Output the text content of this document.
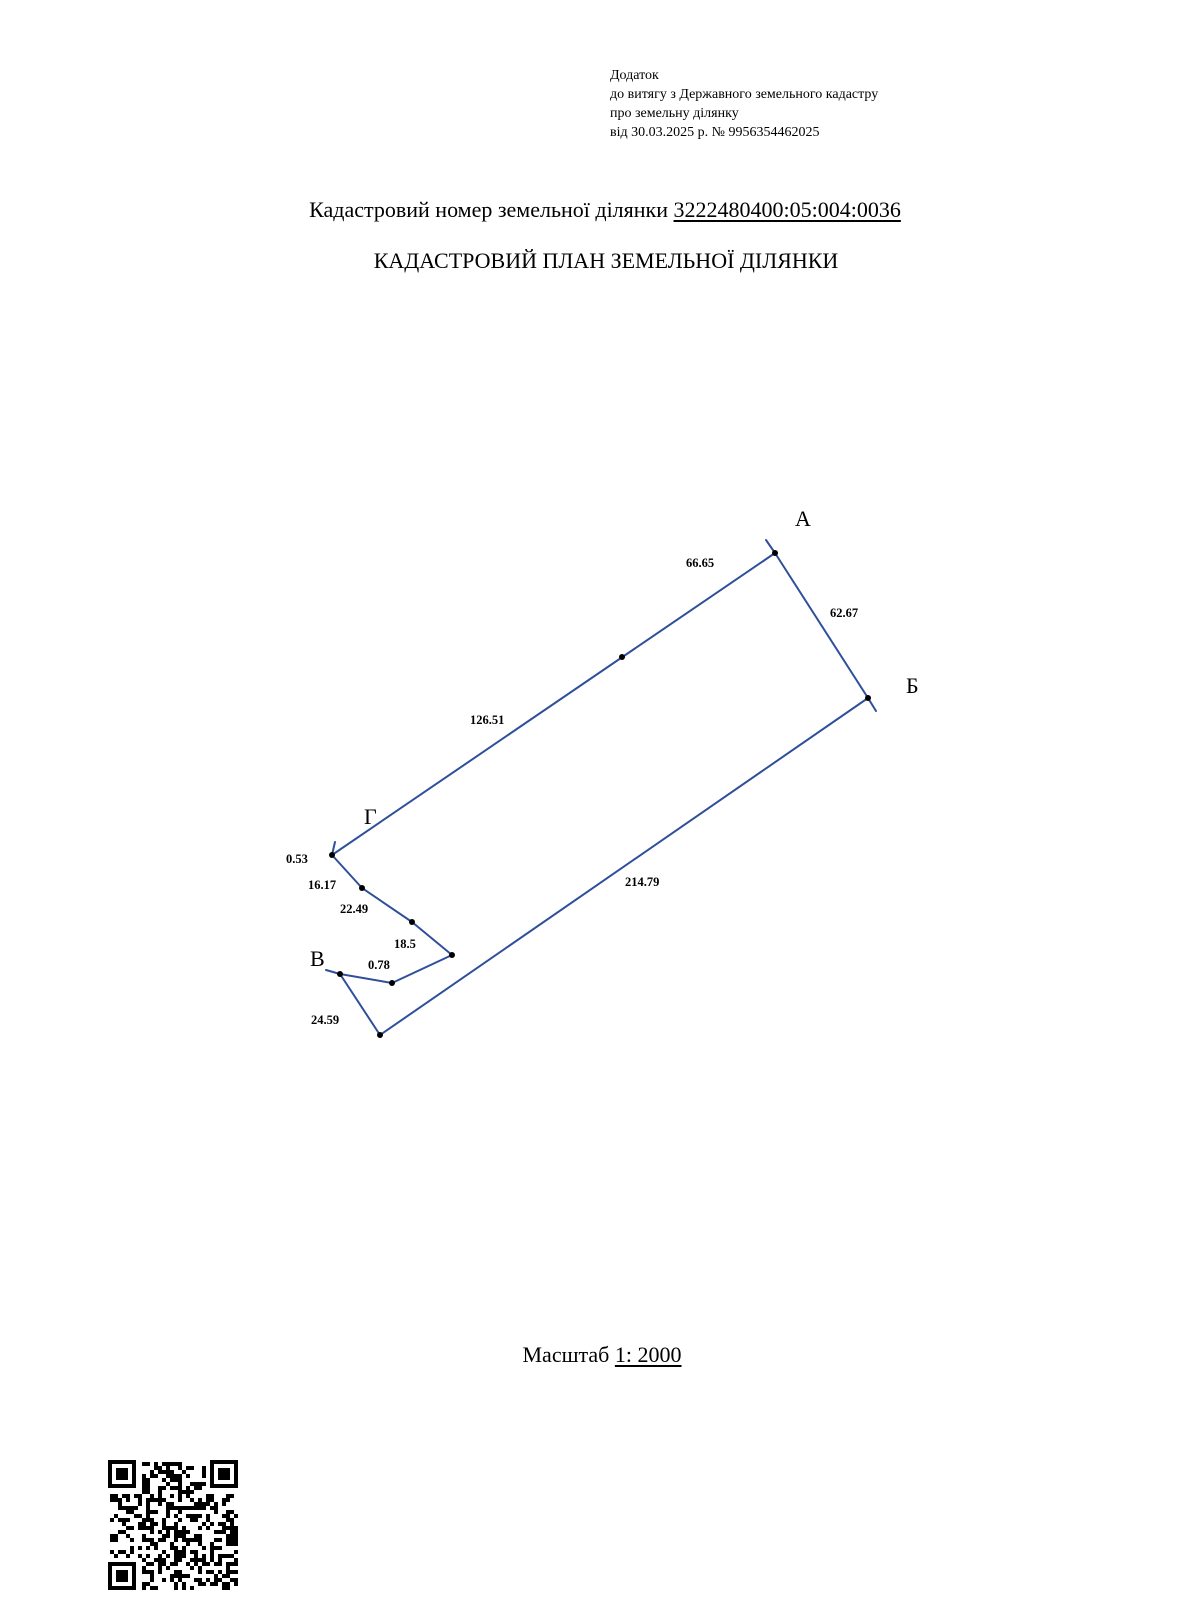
Додаток
до витягу з Державного земельного кадастру
про земельну ділянку
від 30.03.2025 р. № 9956354462025
Кадастровий номер земельної ділянки 3222480400:05:004:0036
КАДАСТРОВИЙ ПЛАН ЗЕМЕЛЬНОЇ ДІЛЯНКИ
А
Б
В
Г
66.65
62.67
126.51
214.79
0.53
16.17
22.49
18.5
0.78
24.59
Масштаб 1: 2000
